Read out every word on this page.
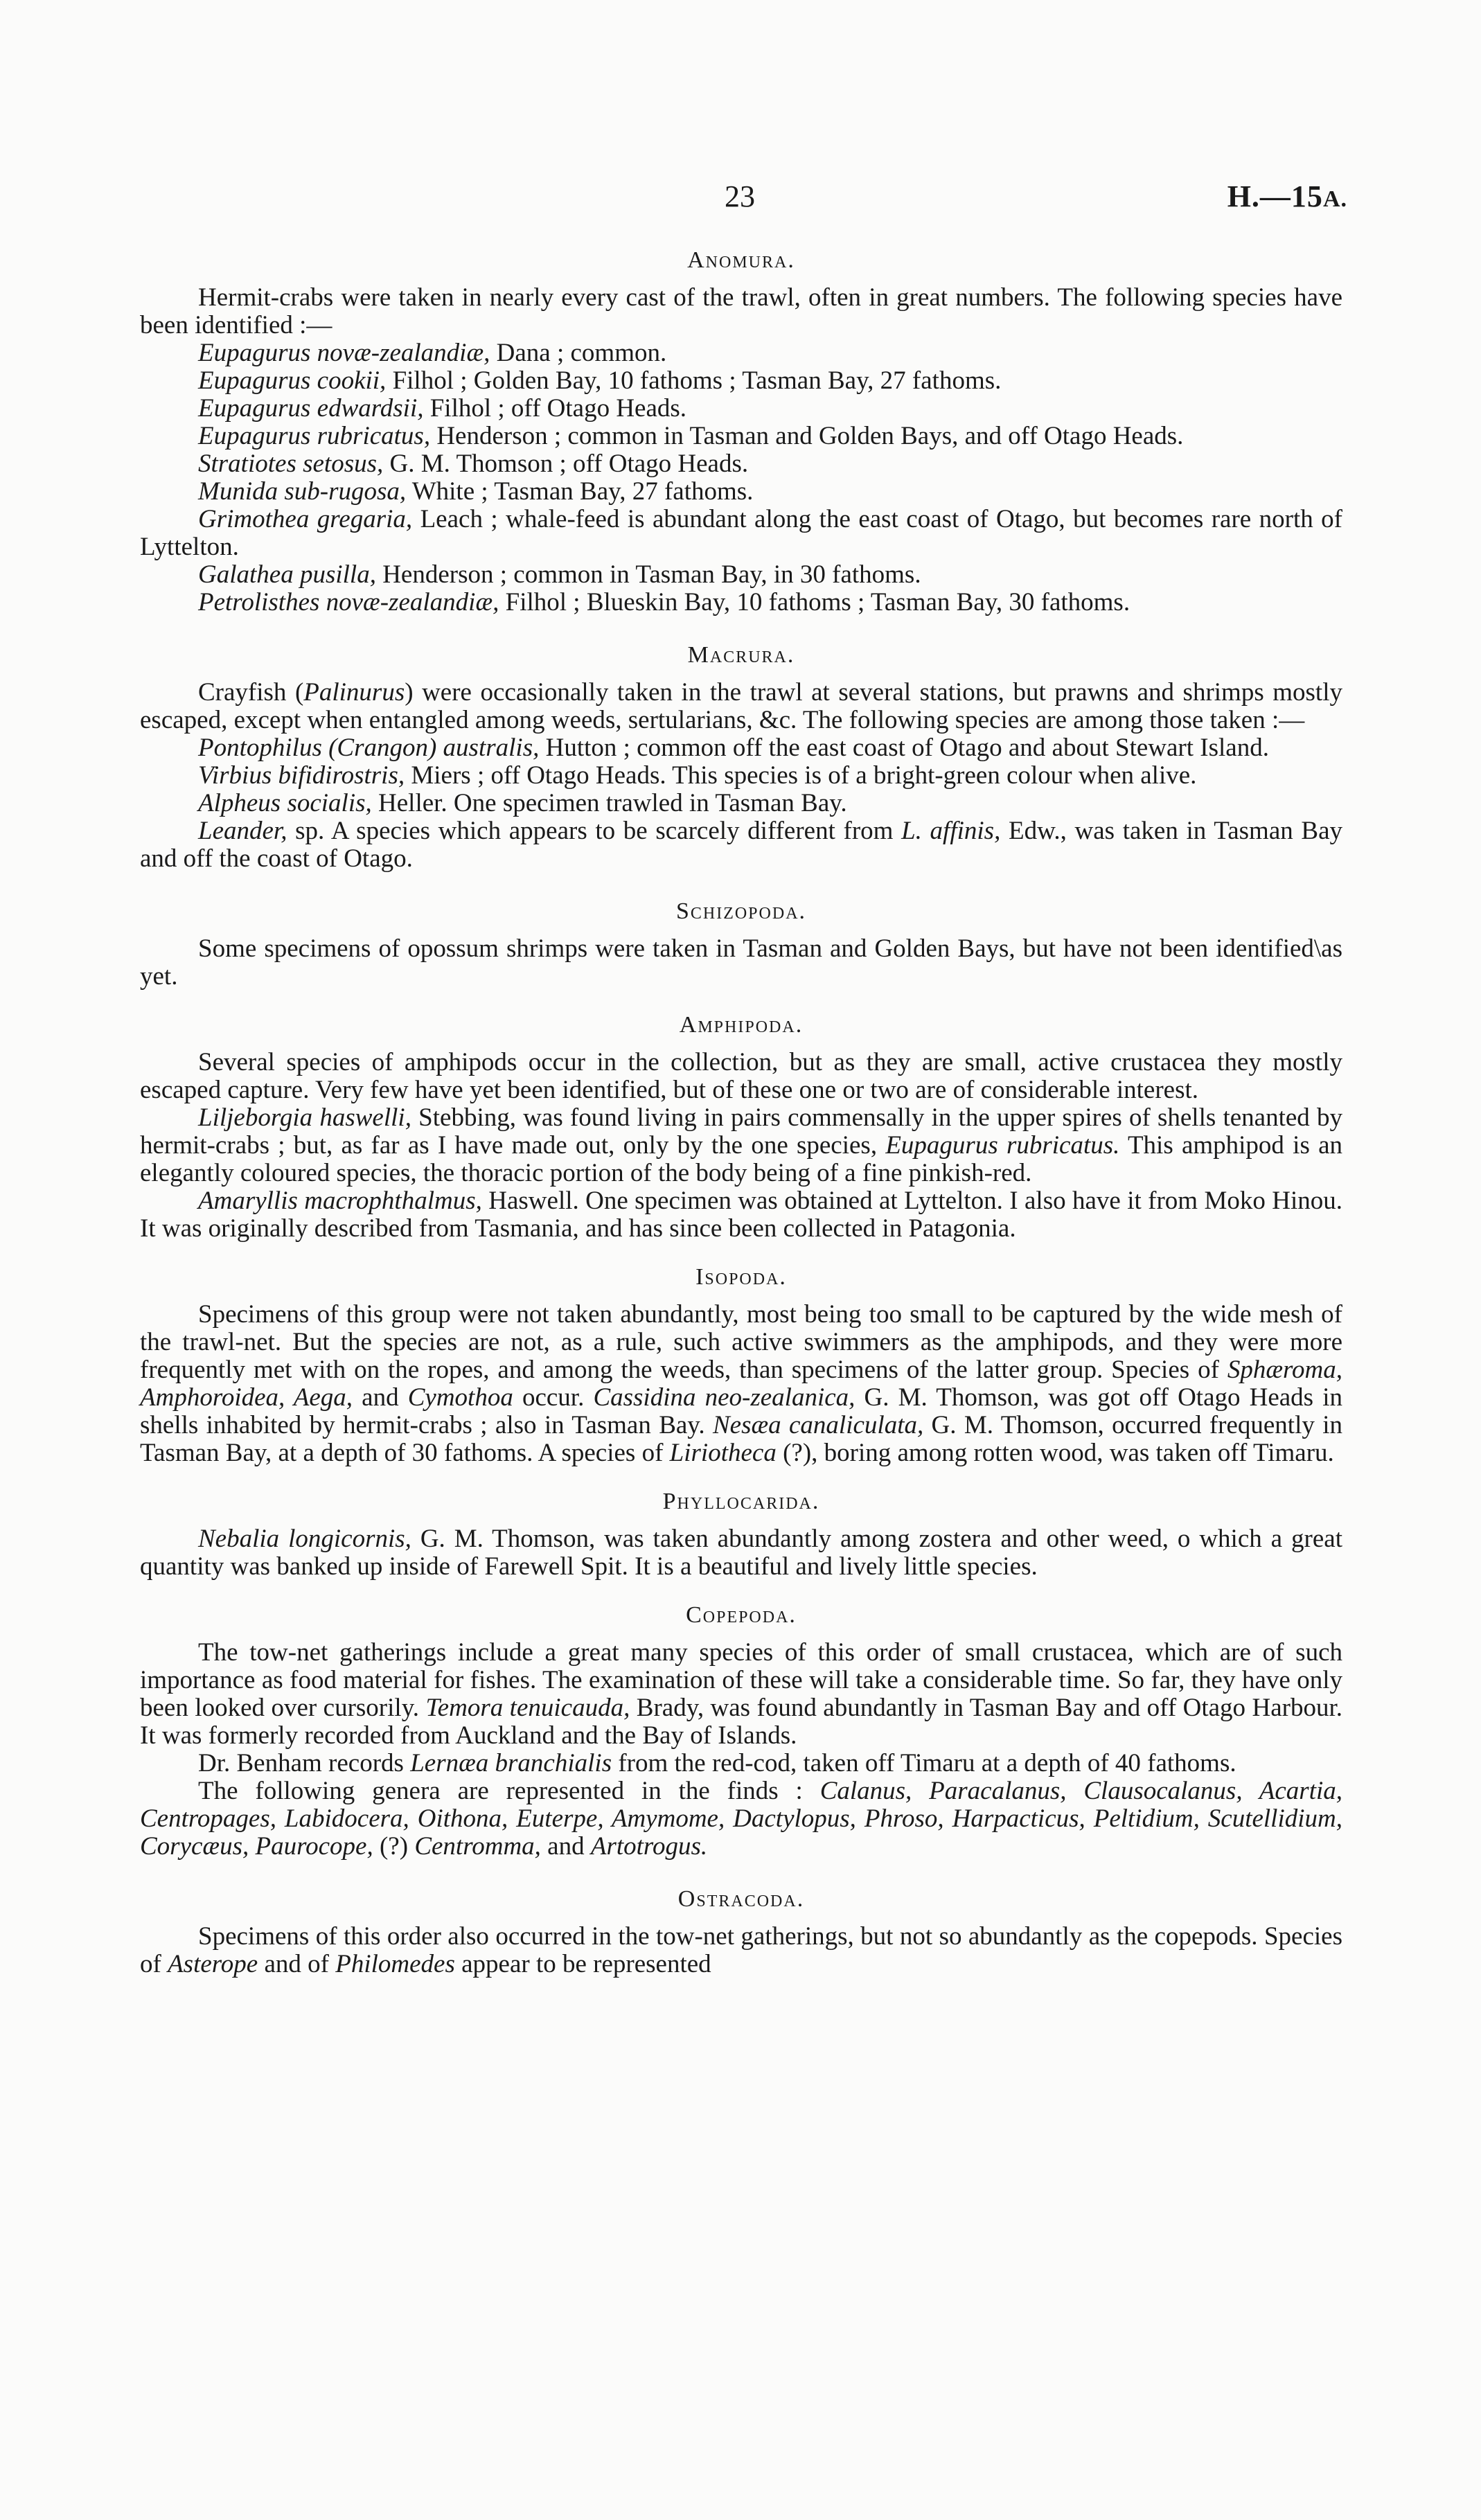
23	H.—15A.
Anomura.

Hermit-crabs were taken in nearly every cast of the trawl, often in great numbers. The following species have been identified :—

Eupagurus novæ-zealandiæ, Dana ; common.

Eupagurus cookii, Filhol ; Golden Bay, 10 fathoms ; Tasman Bay, 27 fathoms.

Eupagurus edwardsii, Filhol ; off Otago Heads.

Eupagurus rubricatus, Henderson ; common in Tasman and Golden Bays, and off Otago Heads.

Stratiotes setosus, G. M. Thomson ; off Otago Heads.

Munida sub-rugosa, White ; Tasman Bay, 27 fathoms.

Grimothea gregaria, Leach ; whale-feed is abundant along the east coast of Otago, but becomes rare north of Lyttelton.

Galathea pusilla, Henderson ; common in Tasman Bay, in 30 fathoms.

Petrolisthes novæ-zealandiæ, Filhol ; Blueskin Bay, 10 fathoms ; Tasman Bay, 30 fathoms.

Macrura.

Crayfish (Palinurus) were occasionally taken in the trawl at several stations, but prawns and shrimps mostly escaped, except when entangled among weeds, sertularians, &c. The following species are among those taken :—

Pontophilus (Crangon) australis, Hutton ; common off the east coast of Otago and about Stewart Island.

Virbius bifidirostris, Miers ; off Otago Heads. This species is of a bright-green colour when alive.

Alpheus socialis, Heller. One specimen trawled in Tasman Bay.

Leander, sp. A species which appears to be scarcely different from L. affinis, Edw., was taken in Tasman Bay and off the coast of Otago.

Schizopoda.

Some specimens of opossum shrimps were taken in Tasman and Golden Bays, but have not been identified\as yet.

Amphipoda.

Several species of amphipods occur in the collection, but as they are small, active crustacea they mostly escaped capture. Very few have yet been identified, but of these one or two are of considerable interest.

Liljeborgia haswelli, Stebbing, was found living in pairs commensally in the upper spires of shells tenanted by hermit-crabs ; but, as far as I have made out, only by the one species, Eupagurus rubricatus. This amphipod is an elegantly coloured species, the thoracic portion of the body being of a fine pinkish-red.

Amaryllis macrophthalmus, Haswell. One specimen was obtained at Lyttelton. I also have it from Moko Hinou. It was originally described from Tasmania, and has since been collected in Patagonia.

Isopoda.

Specimens of this group were not taken abundantly, most being too small to be captured by the wide mesh of the trawl-net. But the species are not, as a rule, such active swimmers as the amphipods, and they were more frequently met with on the ropes, and among the weeds, than specimens of the latter group. Species of Sphæroma, Amphoroidea, Aega, and Cymothoa occur. Cassidina neo-zealanica, G. M. Thomson, was got off Otago Heads in shells inhabited by hermit-crabs ; also in Tasman Bay. Nesæa canaliculata, G. M. Thomson, occurred frequently in Tasman Bay, at a depth of 30 fathoms. A species of Liriotheca (?), boring among rotten wood, was taken off Timaru.

Phyllocarida.

Nebalia longicornis, G. M. Thomson, was taken abundantly among zostera and other weed, o which a great quantity was banked up inside of Farewell Spit. It is a beautiful and lively little species.

Copepoda.

The tow-net gatherings include a great many species of this order of small crustacea, which are of such importance as food material for fishes. The examination of these will take a considerable time. So far, they have only been looked over cursorily. Temora tenuicauda, Brady, was found abundantly in Tasman Bay and off Otago Harbour. It was formerly recorded from Auckland and the Bay of Islands.

Dr. Benham records Lernæa branchialis from the red-cod, taken off Timaru at a depth of 40 fathoms.

The following genera are represented in the finds : Calanus, Paracalanus, Clausocalanus, Acartia, Centropages, Labidocera, Oithona, Euterpe, Amymome, Dactylopus, Phroso, Harpacticus, Peltidium, Scutellidium, Corycæus, Paurocope, (?) Centromma, and Artotrogus.

Ostracoda.

Specimens of this order also occurred in the tow-net gatherings, but not so abundantly as the copepods. Species of Asterope and of Philomedes appear to be represented
